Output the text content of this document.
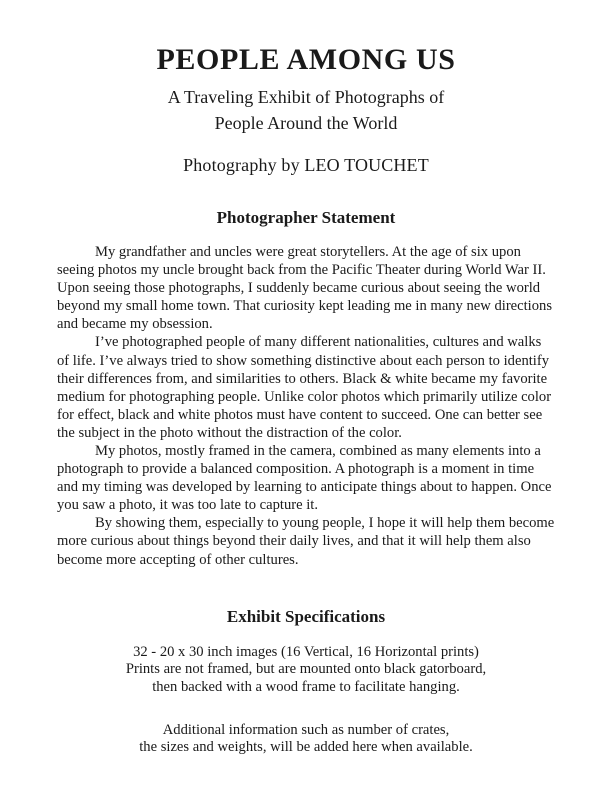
PEOPLE AMONG US
A Traveling Exhibit of Photographs of
People Around the World
Photography by LEO TOUCHET
Photographer Statement

My grandfather and uncles were great storytellers. At the age of six upon seeing photos my uncle brought back from the Pacific Theater during World War II. Upon seeing those photographs, I suddenly became curious about seeing the world beyond my small home town. That curiosity kept leading me in many new directions and became my obsession.

I’ve photographed people of many different nationalities, cultures and walks of life. I’ve always tried to show something distinctive about each person to identify their differences from, and similarities to others. Black & white became my favorite medium for photographing people. Unlike color photos which primarily utilize color for effect, black and white photos must have content to succeed. One can better see the subject in the photo without the distraction of the color.

My photos, mostly framed in the camera, combined as many elements into a photograph to provide a balanced composition. A photograph is a moment in time and my timing was developed by learning to anticipate things about to happen. Once you saw a photo, it was too late to capture it.

By showing them, especially to young people, I hope it will help them become more curious about things beyond their daily lives, and that it will help them also become more accepting of other cultures.

Exhibit Specifications
32 - 20 x 30 inch images (16 Vertical, 16 Horizontal prints)
Prints are not framed, but are mounted onto black gatorboard,
then backed with a wood frame to facilitate hanging.
Additional information such as number of crates,
the sizes and weights, will be added here when available.
